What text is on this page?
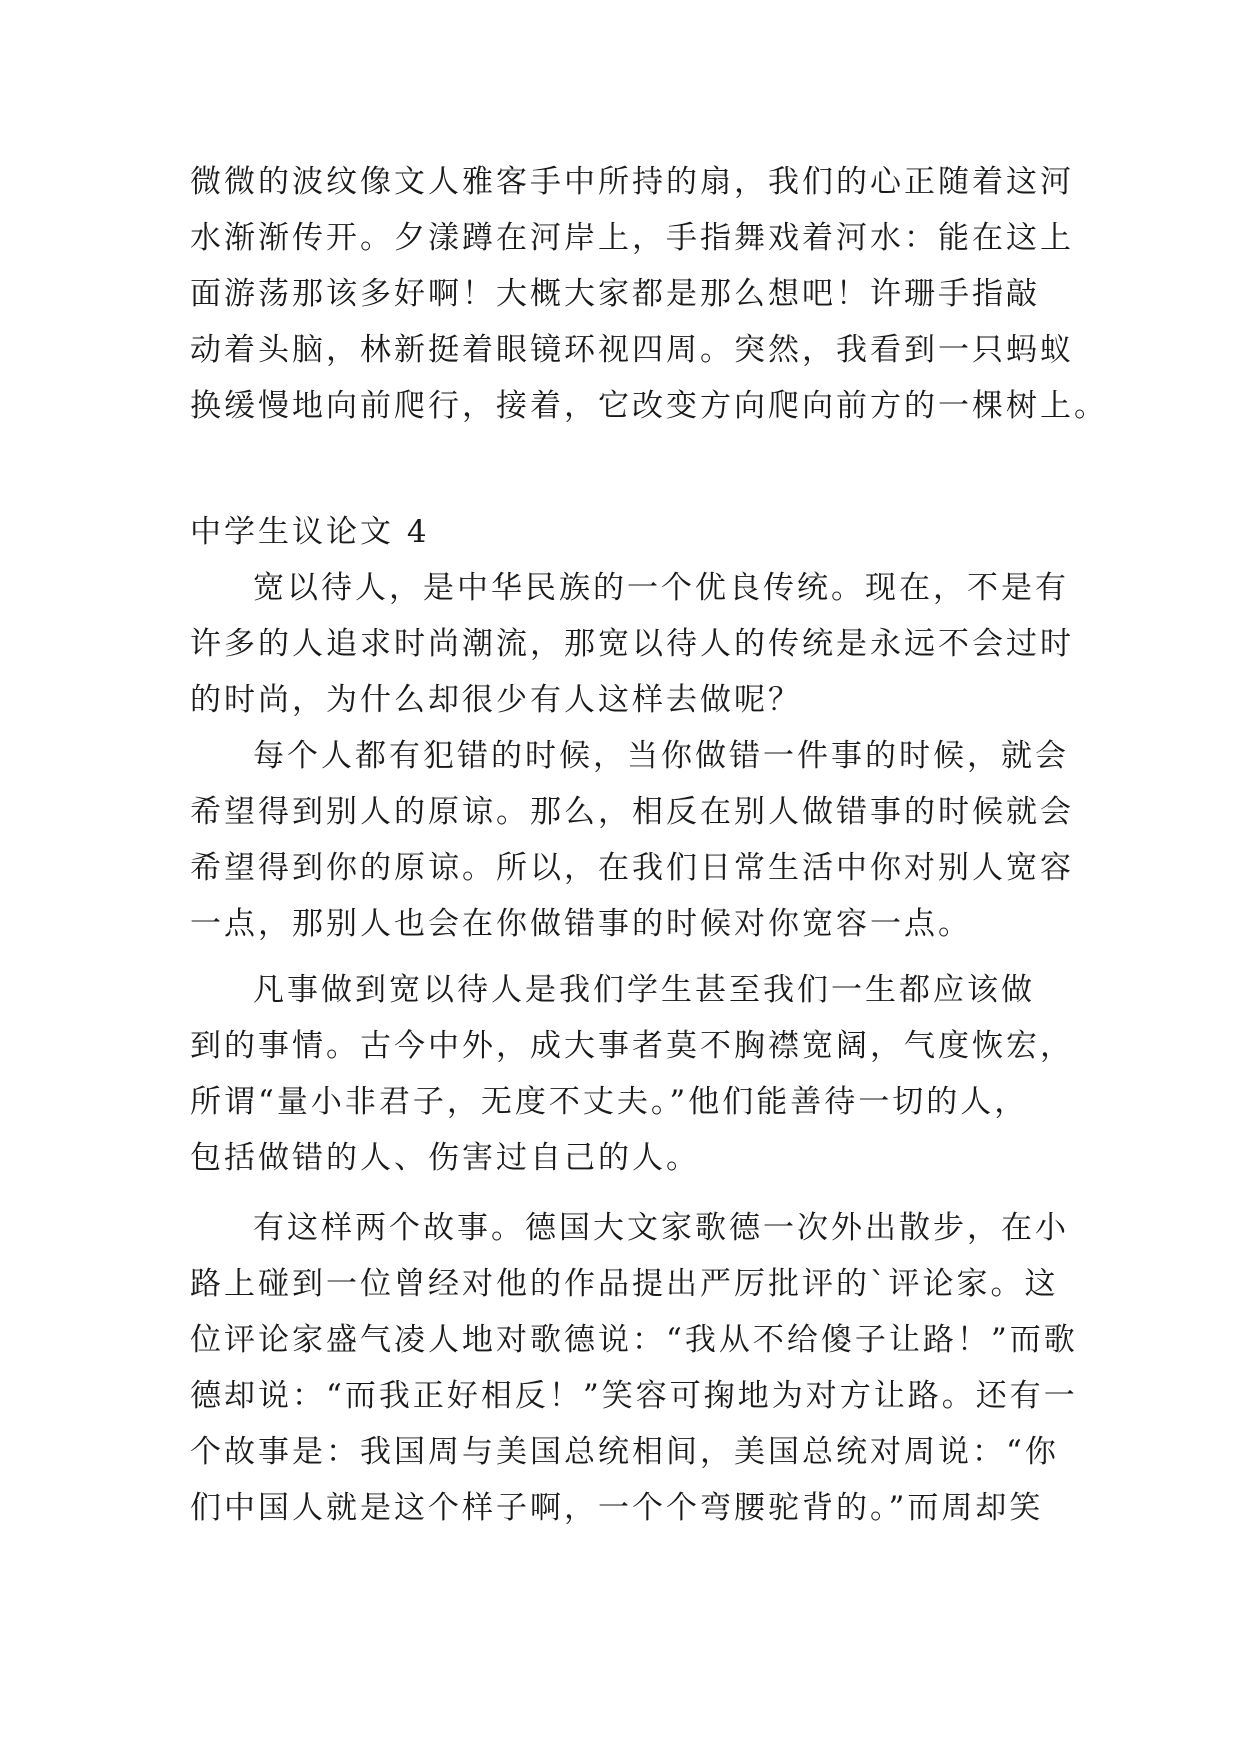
微微的波纹像文人雅客手中所持的扇，我们的心正随着这河
水渐渐传开。夕漾蹲在河岸上，手指舞戏着河水：能在这上
面游荡那该多好啊！大概大家都是那么想吧！许珊手指敲
动着头脑，林新挺着眼镜环视四周。突然，我看到一只蚂蚁
换缓慢地向前爬行，接着，它改变方向爬向前方的一棵树上。
中学生议论文 4
宽以待人，是中华民族的一个优良传统。现在，不是有
许多的人追求时尚潮流，那宽以待人的传统是永远不会过时
的时尚，为什么却很少有人这样去做呢？
每个人都有犯错的时候，当你做错一件事的时候，就会
希望得到别人的原谅。那么，相反在别人做错事的时候就会
希望得到你的原谅。所以，在我们日常生活中你对别人宽容
一点，那别人也会在你做错事的时候对你宽容一点。
凡事做到宽以待人是我们学生甚至我们一生都应该做
到的事情。古今中外，成大事者莫不胸襟宽阔，气度恢宏，
所谓“量小非君子，无度不丈夫。”他们能善待一切的人，
包括做错的人、伤害过自己的人。
有这样两个故事。德国大文家歌德一次外出散步，在小
路上碰到一位曾经对他的作品提出严厉批评的`评论家。这
位评论家盛气凌人地对歌德说：“我从不给傻子让路！”而歌
德却说：“而我正好相反！”笑容可掬地为对方让路。还有一
个故事是：我国周与美国总统相间，美国总统对周说：“你
们中国人就是这个样子啊，一个个弯腰驼背的。”而周却笑
